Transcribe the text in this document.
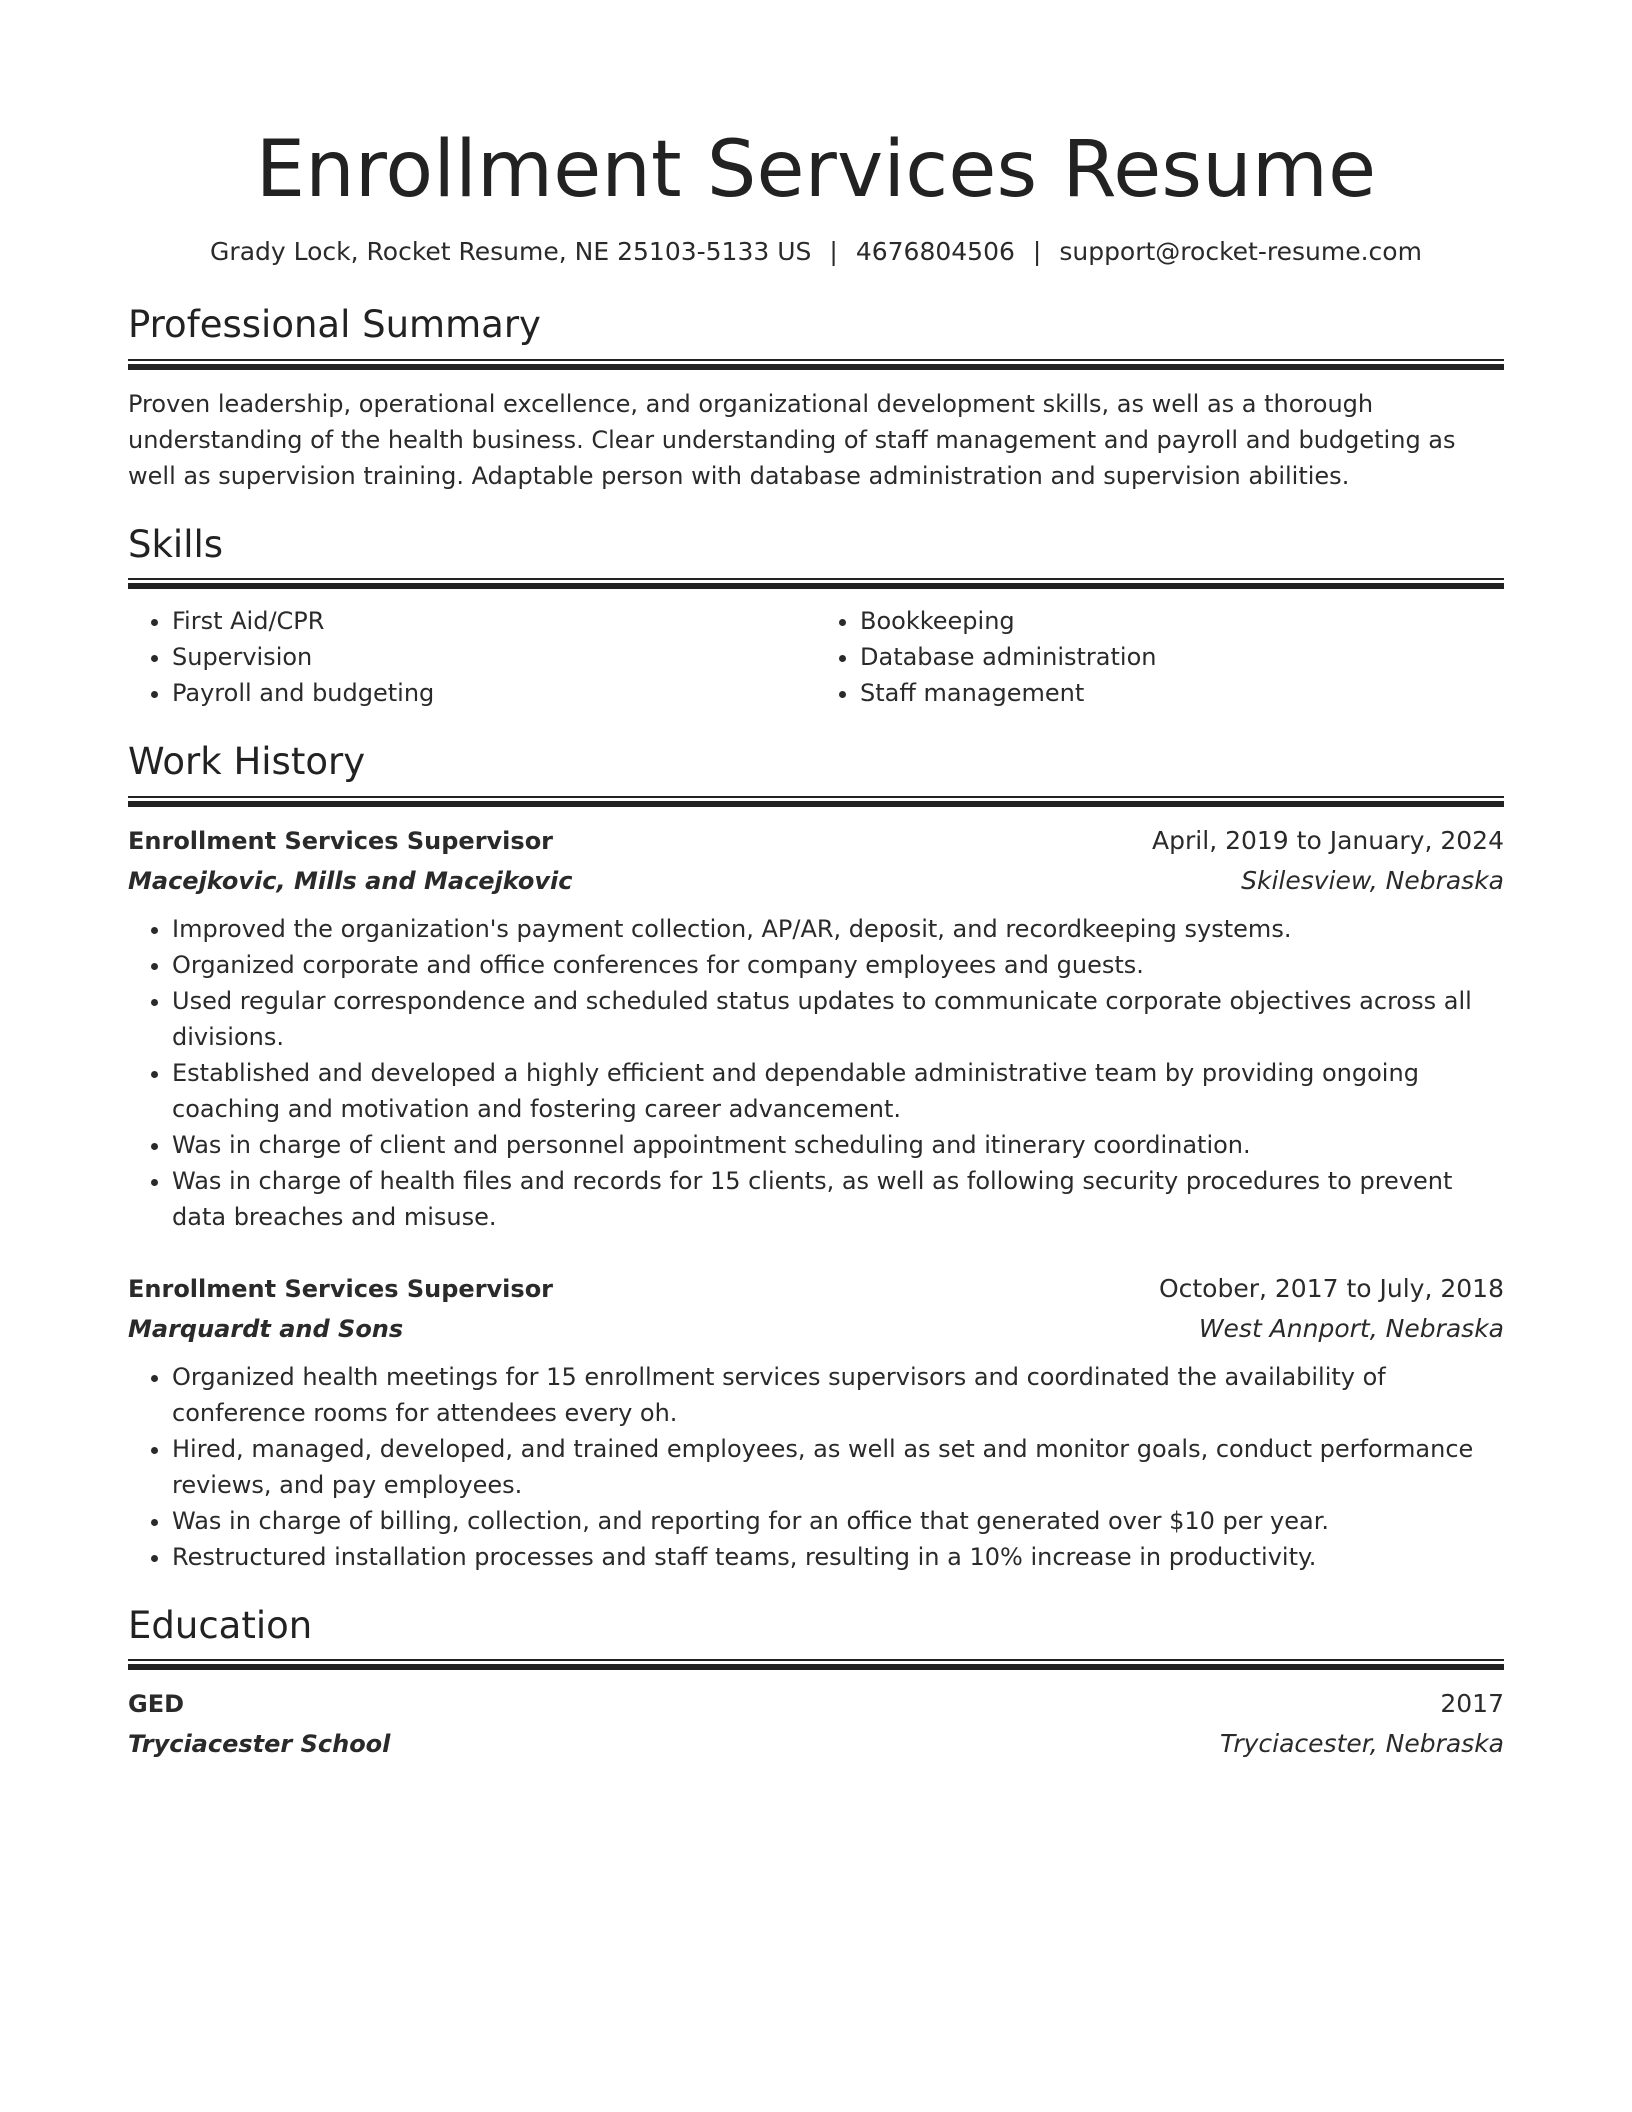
Enrollment Services Resume
Grady Lock, Rocket Resume, NE 25103-5133 US | 4676804506 | support@rocket-resume.com
Professional Summary
Proven leadership, operational excellence, and organizational development skills, as well as a thorough understanding of the health business. Clear understanding of staff management and payroll and budgeting as well as supervision training. Adaptable person with database administration and supervision abilities.
Skills
• First Aid/CPR
• Supervision
• Payroll and budgeting
• Bookkeeping
• Database administration
• Staff management
Work History
Enrollment Services Supervisor	April, 2019 to January, 2024
Macejkovic, Mills and Macejkovic	Skilesview, Nebraska
• Improved the organization's payment collection, AP/AR, deposit, and recordkeeping systems.
• Organized corporate and office conferences for company employees and guests.
• Used regular correspondence and scheduled status updates to communicate corporate objectives across all divisions.
• Established and developed a highly efficient and dependable administrative team by providing ongoing coaching and motivation and fostering career advancement.
• Was in charge of client and personnel appointment scheduling and itinerary coordination.
• Was in charge of health files and records for 15 clients, as well as following security procedures to prevent data breaches and misuse.
Enrollment Services Supervisor	October, 2017 to July, 2018
Marquardt and Sons	West Annport, Nebraska
• Organized health meetings for 15 enrollment services supervisors and coordinated the availability of conference rooms for attendees every oh.
• Hired, managed, developed, and trained employees, as well as set and monitor goals, conduct performance reviews, and pay employees.
• Was in charge of billing, collection, and reporting for an office that generated over $10 per year.
• Restructured installation processes and staff teams, resulting in a 10% increase in productivity.
Education
GED	2017
Tryciacester School	Tryciacester, Nebraska
